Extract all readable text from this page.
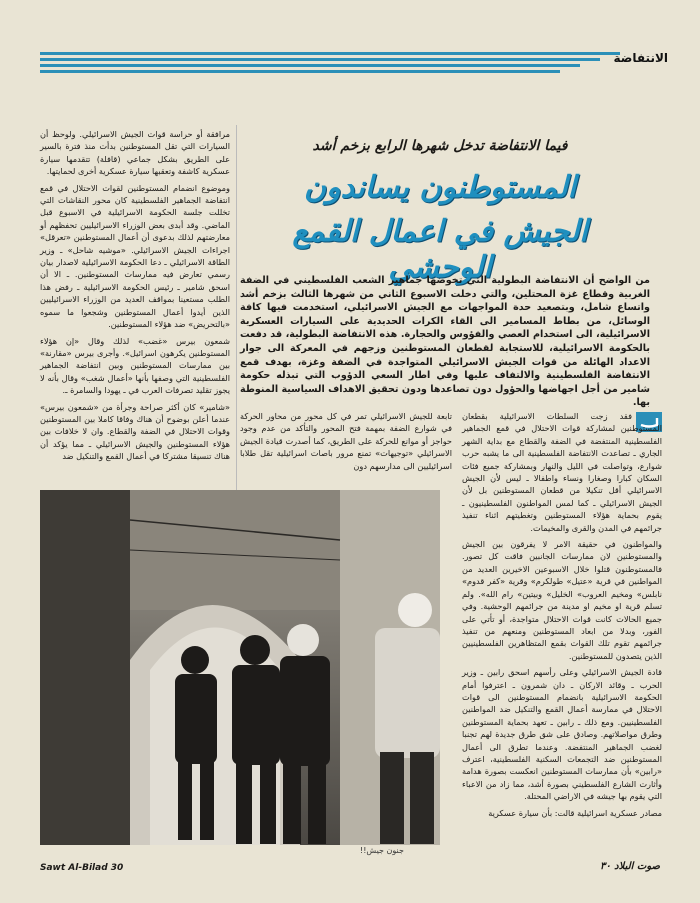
الانتفاضة
فيما الانتفاضة تدخل شهرها الرابع بزخم أشد
المستوطنون يساندون
الجيش في اعمال القمع الوحشي
من الواضح أن الانتفاضة البطولية التي تخوضها جماهير الشعب الفلسطيني في الضفة الغربية وقطاع غزة المحتلين، والتي دخلت الاسبوع الثاني من شهرها الثالث بزخم أشد واتساع شامل، وبتصعيد حدة المواجهات مع الجيش الاسرائيلي، استخدمت فيها كافة الوسائل، من بطاط المسامير الى القاء الكرات الحديدية على السيارات العسكرية الاسرائيلية، الى استخدام العصي والفؤوس والحجارة. هذه الانتفاضة البطولية، قد دفعت بالحكومة الاسرائيلية، للاستجابة لقطعان المستوطنين وزجهم في المعركة الى جوار الاعداد الهائلة من قوات الجيش الاسرائيلي المتواجدة في الضفة وغزة، بهدف قمع الانتفاضة الفلسطينية والالتفاف عليها وفي اطار السعي الدؤوب التي تبذله حكومة شامير من أجل اجهاضها والحؤول دون تصاعدها ودون تحقيق الاهداف السياسية المنوطة بها.

مرافقة أو حراسة قوات الجيش الاسرائيلي. ولوحظ أن السيارات التي تقل المستوطنين بدأت منذ فترة بالسير على الطريق بشكل جماعي (قافلة) تتقدمها سيارة عسكرية كاشفة وتعقبها سيارة عسكرية أخرى لحمايتها.

وموضوع انضمام المستوطنين لقوات الاحتلال في قمع انتفاضة الجماهير الفلسطينية كان محور النقاشات التي تخللت جلسة الحكومة الاسرائيلية في الاسبوع قبل الماضي. وقد أبدى بعض الوزراء الاسرائيليين تحفظهم أو معارضتهم لذلك بدعوى أن أعمال المستوطنين «تعرقل» اجراءات الجيش الاسرائيلي. «موشيه شاحل» ـ وزير الطاقة الاسرائيلي ـ دعا الحكومة الاسرائيلية لاصدار بيان رسمي تعارض فيه ممارسات المستوطنين. ـ الا أن اسحق شامير ـ رئيس الحكومة الاسرائيلية ـ رفض هذا الطلب مستعينا بمواقف العديد من الوزراء الاسرائيليين الذين أيدوا أعمال المستوطنين وشجعوا ما سموه «بالتحريض» ضد هؤلاء المستوطنين.

شمعون بيرس «غضب» لذلك وقال «إن هؤلاء المستوطنين يكرهون اسرائيل». وأجرى بيرس «مقارنة» بين ممارسات المستوطنين وبين انتفاضة الجماهير الفلسطينية التي وصفها بأنها «أعمال شغب» وقال بأنه لا يجوز تقليد تصرفات العرب في ـ يهودا والسامرة ـ.

«شامير» كان أكثر صراحة وجرأة من «شمعون بيرس» عندما أعلن بوضوح أن هناك وفاقا كاملا بين المستوطنين وقوات الاحتلال في الضفة والقطاع. وان لا خلافات بين هؤلاء المستوطنين والجيش الاسرائيلي ـ مما يؤكد أن هناك تنسيقا مشتركا في أعمال القمع والتنكيل ضد

تابعة للجيش الاسرائيلي تمر في كل محور من محاور الحركة في شوارع الضفة بمهمة فتح المحور والتأكد من عدم وجود حواجز أو موانع للحركة على الطريق، كما أصدرت قيادة الجيش الاسرائيلي «توجيهات» تمنع مرور باصات اسرائيلية تقل طلابا اسرائيليين الى مدارسهم دون

فقد زجت السلطات الاسرائيلية بقطعان المستوطنين لمشاركة قوات الاحتلال في قمع الجماهير الفلسطينية المنتفضة في الضفة والقطاع مع بداية الشهر الجاري ـ تصاعدت الانتفاضة الفلسطينية الى ما يشبه حرب شوارع، وتواصلت في الليل والنهار وبمشاركة جميع فئات السكان كبارا وصغارا ونساء واطفالا ـ ليس لأن الجيش الاسرائيلي أقل تنكيلا من قطعان المستوطنين بل لأن الجيش الاسرائيلي ـ كما لمس المواطنون الفلسطينيون ـ يقوم بحماية هؤلاء المستوطنين وتغطيتهم اثناء تنفيذ جرائمهم في المدن والقرى والمخيمات.

والمواطنون في حقيقة الامر لا يفرقون بين الجيش والمستوطنين لان ممارسات الجانبين فاقت كل تصور. فالمستوطنون قتلوا خلال الاسبوعين الاخيرين العديد من المواطنين في قرية «عتيل» طولكرم» وقرية «كفر قدوم» نابلس» ومخيم العروب» الخليل» وبيتين» رام الله». ولم تسلم قرية او مخيم او مدينة من جرائمهم الوحشية. وفي جميع الحالات كانت قوات الاحتلال متواجدة، أو تأتي على الفور، وبدلا من ابعاد المستوطنين ومنعهم من تنفيذ جرائمهم تقوم تلك القوات بقمع المتظاهرين الفلسطينيين الذين يتصدون للمستوطنين.

قادة الجيش الاسرائيلي وعلى رأسهم اسحق رابين ـ وزير الحرب ـ وقائد الاركان ـ دان شمرون ـ اعترفوا أمام الحكومة الاسرائيلية بانضمام المستوطنين الى قوات الاحتلال في ممارسة أعمال القمع والتنكيل ضد المواطنين الفلسطينيين. ومع ذلك ـ رابين ـ تعهد بحماية المستوطنين وطرق مواصلاتهم. وصادق على شق طرق جديدة لهم تجنبا لغضب الجماهير المنتفضة. وعندما تطرق الى أعمال المستوطنين ضد التجمعات السكنية الفلسطينية، اعترف «رابين» بأن ممارسات المستوطنين انعكست بصورة هدامة وأثارت الشارع الفلسطيني بصورة أشد، مما زاد من الاعباء التي يقوم بها جيشه في الاراضي المحتلة.

مصادر عسكرية اسرائيلية قالت: بأن سيارة عسكرية

جنون جيش!!
Sawt Al-Bilad 30	صوت البلاد ٣٠
